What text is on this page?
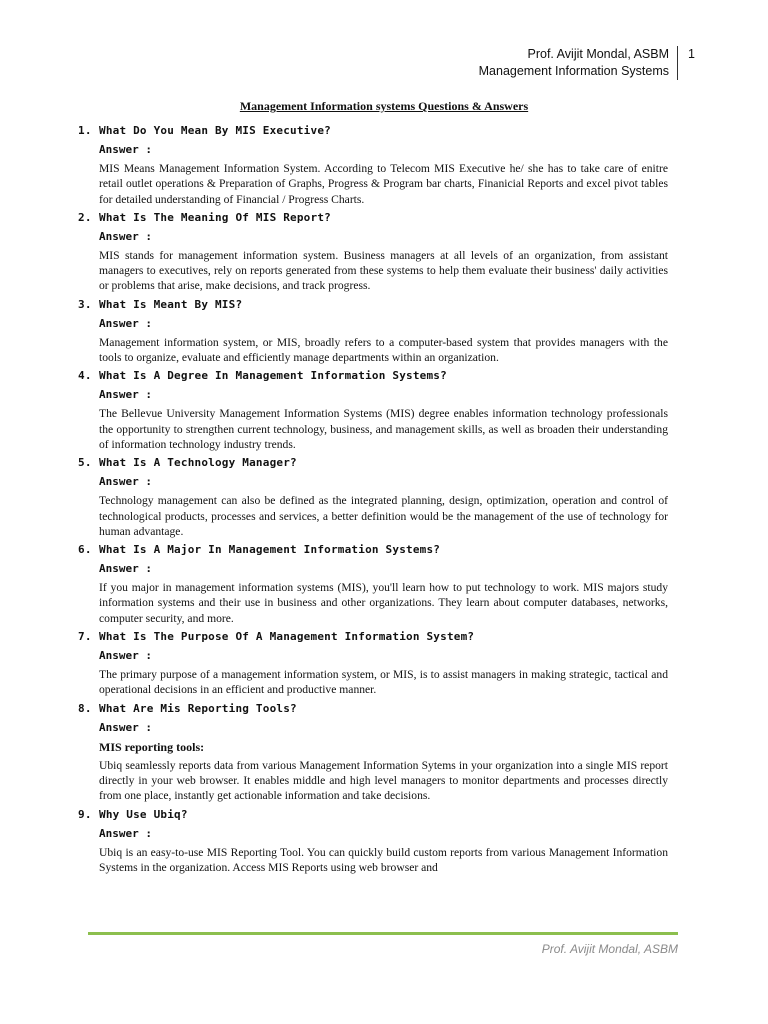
Prof. Avijit Mondal, ASBM
Management Information Systems
1
Management Information systems Questions & Answers
1. What Do You Mean By MIS Executive?
Answer :

MIS Means Management Information System. According to Telecom MIS Executive he/ she has to take care of enitre retail outlet operations & Preparation of Graphs, Progress & Program bar charts, Finanicial Reports and excel pivot tables for detailed understanding of Financial / Progress Charts.

2. What Is The Meaning Of MIS Report?
Answer :

MIS stands for management information system. Business managers at all levels of an organization, from assistant managers to executives, rely on reports generated from these systems to help them evaluate their business' daily activities or problems that arise, make decisions, and track progress.

3. What Is Meant By MIS?
Answer :

Management information system, or MIS, broadly refers to a computer-based system that provides managers with the tools to organize, evaluate and efficiently manage departments within an organization.

4. What Is A Degree In Management Information Systems?
Answer :

The Bellevue University Management Information Systems (MIS) degree enables information technology professionals the opportunity to strengthen current technology, business, and management skills, as well as broaden their understanding of information technology industry trends.

5. What Is A Technology Manager?
Answer :

Technology management can also be defined as the integrated planning, design, optimization, operation and control of technological products, processes and services, a better definition would be the management of the use of technology for human advantage.

6. What Is A Major In Management Information Systems?
Answer :

If you major in management information systems (MIS), you'll learn how to put technology to work. MIS majors study information systems and their use in business and other organizations. They learn about computer databases, networks, computer security, and more.

7. What Is The Purpose Of A Management Information System?
Answer :

The primary purpose of a management information system, or MIS, is to assist managers in making strategic, tactical and operational decisions in an efficient and productive manner.

8. What Are Mis Reporting Tools?
Answer :
MIS reporting tools:

Ubiq seamlessly reports data from various Management Information Sytems in your organization into a single MIS report directly in your web browser. It enables middle and high level managers to monitor departments and processes directly from one place, instantly get actionable information and take decisions.

9. Why Use Ubiq?
Answer :

Ubiq is an easy-to-use MIS Reporting Tool. You can quickly build custom reports from various Management Information Systems in the organization. Access MIS Reports using web browser and

Prof. Avijit Mondal, ASBM
